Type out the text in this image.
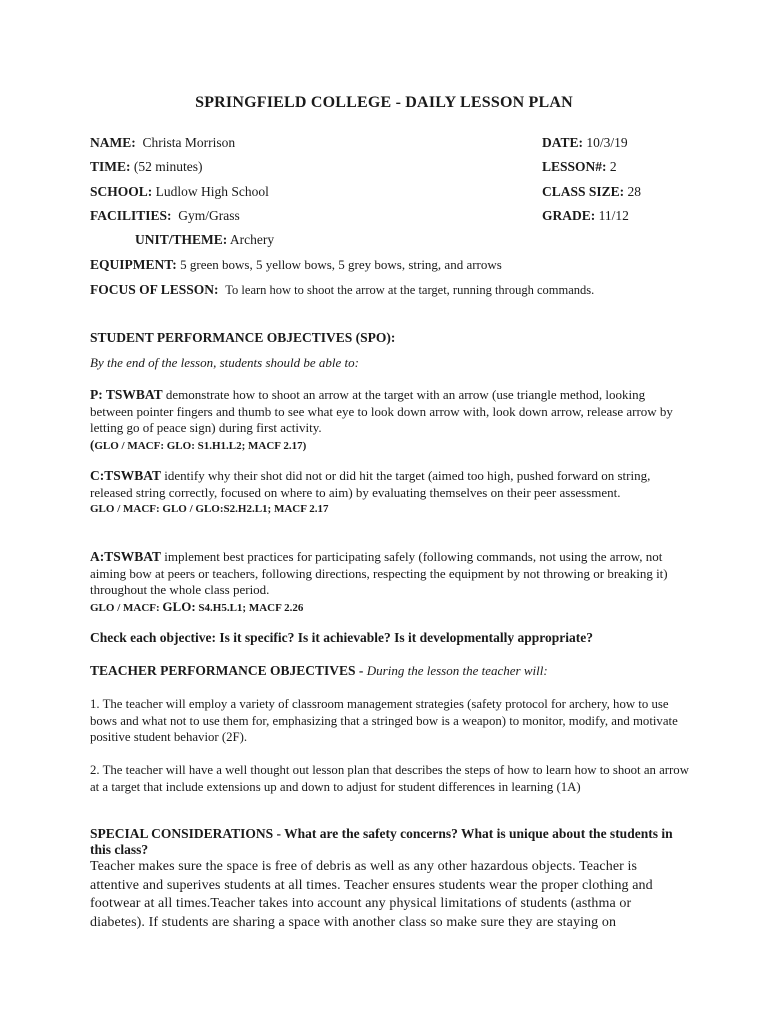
SPRINGFIELD COLLEGE - DAILY LESSON PLAN
NAME: Christa Morrison	DATE: 10/3/19
TIME: (52 minutes)	LESSON#: 2
SCHOOL: Ludlow High School	CLASS SIZE: 28
FACILITIES: Gym/Grass	GRADE: 11/12
UNIT/THEME: Archery
EQUIPMENT: 5 green bows, 5 yellow bows, 5 grey bows, string, and arrows
FOCUS OF LESSON: To learn how to shoot the arrow at the target, running through commands.
STUDENT PERFORMANCE OBJECTIVES (SPO):
By the end of the lesson, students should be able to:
P: TSWBAT demonstrate how to shoot an arrow at the target with an arrow (use triangle method, looking between pointer fingers and thumb to see what eye to look down arrow with, look down arrow, release arrow by letting go of peace sign) during first activity.
(GLO / MACF: GLO: S1.H1.L2; MACF 2.17)
C:TSWBAT identify why their shot did not or did hit the target (aimed too high, pushed forward on string, released string correctly, focused on where to aim) by evaluating themselves on their peer assessment.
GLO / MACF: GLO / GLO:S2.H2.L1; MACF 2.17
A:TSWBAT implement best practices for participating safely (following commands, not using the arrow, not aiming bow at peers or teachers, following directions, respecting the equipment by not throwing or breaking it) throughout the whole class period.
GLO / MACF: GLO: S4.H5.L1; MACF 2.26
Check each objective: Is it specific? Is it achievable? Is it developmentally appropriate?
TEACHER PERFORMANCE OBJECTIVES - During the lesson the teacher will:
1. The teacher will employ a variety of classroom management strategies (safety protocol for archery, how to use bows and what not to use them for, emphasizing that a stringed bow is a weapon) to monitor, modify, and motivate positive student behavior (2F).
2. The teacher will have a well thought out lesson plan that describes the steps of how to learn how to shoot an arrow at a target that include extensions up and down to adjust for student differences in learning (1A)
SPECIAL CONSIDERATIONS - What are the safety concerns? What is unique about the students in this class?
Teacher makes sure the space is free of debris as well as any other hazardous objects. Teacher is attentive and superives students at all times. Teacher ensures students wear the proper clothing and footwear at all times.Teacher takes into account any physical limitations of students (asthma or diabetes). If students are sharing a space with another class so make sure they are staying on
